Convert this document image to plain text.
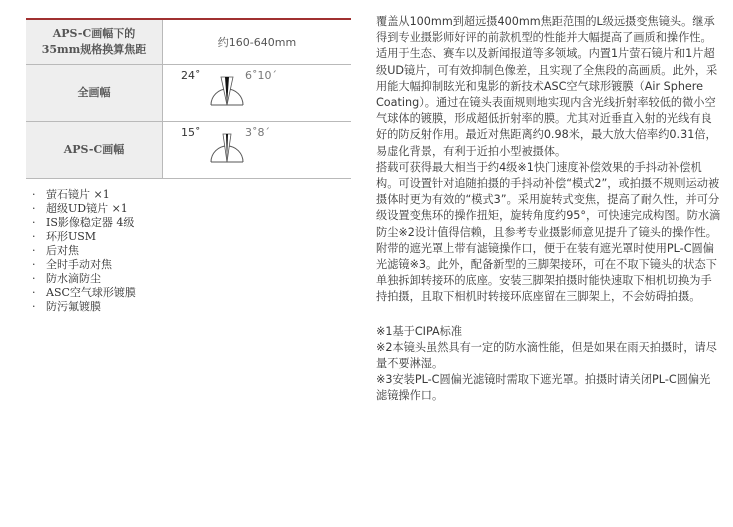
APS-C画幅下的
35mm规格换算焦距
约160-640mm
全画幅
24˚	6˚10´
APS-C画幅
15˚	3˚8´
· 萤石镜片 ×1
· 超级UD镜片 ×1
· IS影像稳定器 4级
· 环形USM
· 后对焦
· 全时手动对焦
· 防水滴防尘
· ASC空气球形镀膜
· 防污氟镀膜

覆盖从100mm到超远摄400mm焦距范围的L级远摄变焦镜头。继承得到专业摄影师好评的前款机型的性能并大幅提高了画质和操作性。适用于生态、赛车以及新闻报道等多领域。内置1片萤石镜片和1片超级UD镜片，可有效抑制色像差，且实现了全焦段的高画质。此外，采用能大幅抑制眩光和鬼影的新技术ASC空气球形镀膜（Air Sphere Coating）。通过在镜头表面规则地实现内含光线折射率较低的微小空气球体的镀膜，形成超低折射率的膜。尤其对近垂直入射的光线有良好的防反射作用。最近对焦距离约0.98米，最大放大倍率约0.31倍，易虚化背景，有利于近拍小型被摄体。

搭载可获得最大相当于约4级※1快门速度补偿效果的手抖动补偿机构。可设置针对追随拍摄的手抖动补偿“模式2”，或拍摄不规则运动被摄体时更为有效的“模式3”。采用旋转式变焦，提高了耐久性，并可分级设置变焦环的操作扭矩，旋转角度约95°，可快速完成构图。防水滴防尘※2设计值得信赖，且参考专业摄影师意见提升了镜头的操作性。附带的遮光罩上带有滤镜操作口，便于在装有遮光罩时使用PL-C圆偏光滤镜※3。此外，配备新型的三脚架接环，可在不取下镜头的状态下单独拆卸转接环的底座。安装三脚架拍摄时能快速取下相机切换为手持拍摄，且取下相机时转接环底座留在三脚架上，不会妨碍拍摄。

※1基于CIPA标准

※2本镜头虽然具有一定的防水滴性能，但是如果在雨天拍摄时，请尽量不要淋湿。

※3安装PL-C圆偏光滤镜时需取下遮光罩。拍摄时请关闭PL-C圆偏光滤镜操作口。
